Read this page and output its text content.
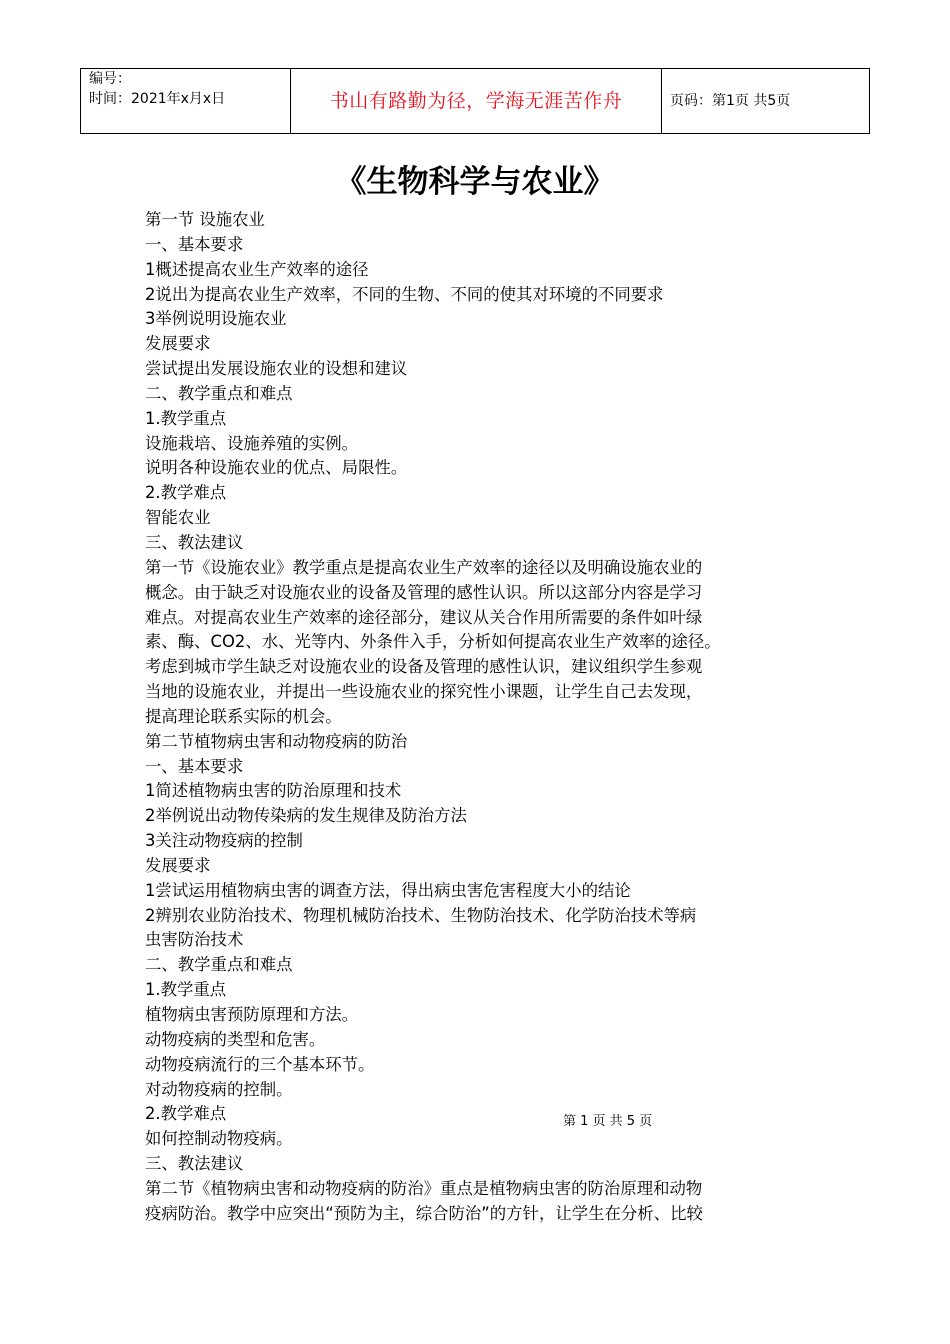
编号：
时间：2021年x月x日	书山有路勤为径，学海无涯苦作舟	页码：第1页 共5页
《生物科学与农业》
第一节 设施农业
一、基本要求
1概述提高农业生产效率的途径
2说出为提高农业生产效率，不同的生物、不同的使其对环境的不同要求
3举例说明设施农业
发展要求
尝试提出发展设施农业的设想和建议
二、教学重点和难点
1.教学重点
设施栽培、设施养殖的实例。
说明各种设施农业的优点、局限性。
2.教学难点
智能农业
三、教法建议
第一节《设施农业》教学重点是提高农业生产效率的途径以及明确设施农业的
概念。由于缺乏对设施农业的设备及管理的感性认识。所以这部分内容是学习
难点。对提高农业生产效率的途径部分，建议从关合作用所需要的条件如叶绿
素、酶、CO2、水、光等内、外条件入手，分析如何提高农业生产效率的途径。
考虑到城市学生缺乏对设施农业的设备及管理的感性认识，建议组织学生参观
当地的设施农业，并提出一些设施农业的探究性小课题，让学生自己去发现，
提高理论联系实际的机会。
第二节植物病虫害和动物疫病的防治
一、基本要求
1简述植物病虫害的防治原理和技术
2举例说出动物传染病的发生规律及防治方法
3关注动物疫病的控制
发展要求
1尝试运用植物病虫害的调查方法，得出病虫害危害程度大小的结论
2辨别农业防治技术、物理机械防治技术、生物防治技术、化学防治技术等病
虫害防治技术
二、教学重点和难点
1.教学重点
植物病虫害预防原理和方法。
动物疫病的类型和危害。
动物疫病流行的三个基本环节。
对动物疫病的控制。
2.教学难点
如何控制动物疫病。
三、教法建议
第二节《植物病虫害和动物疫病的防治》重点是植物病虫害的防治原理和动物
疫病防治。教学中应突出“预防为主，综合防治”的方针，让学生在分析、比较
第 1 页 共 5 页
